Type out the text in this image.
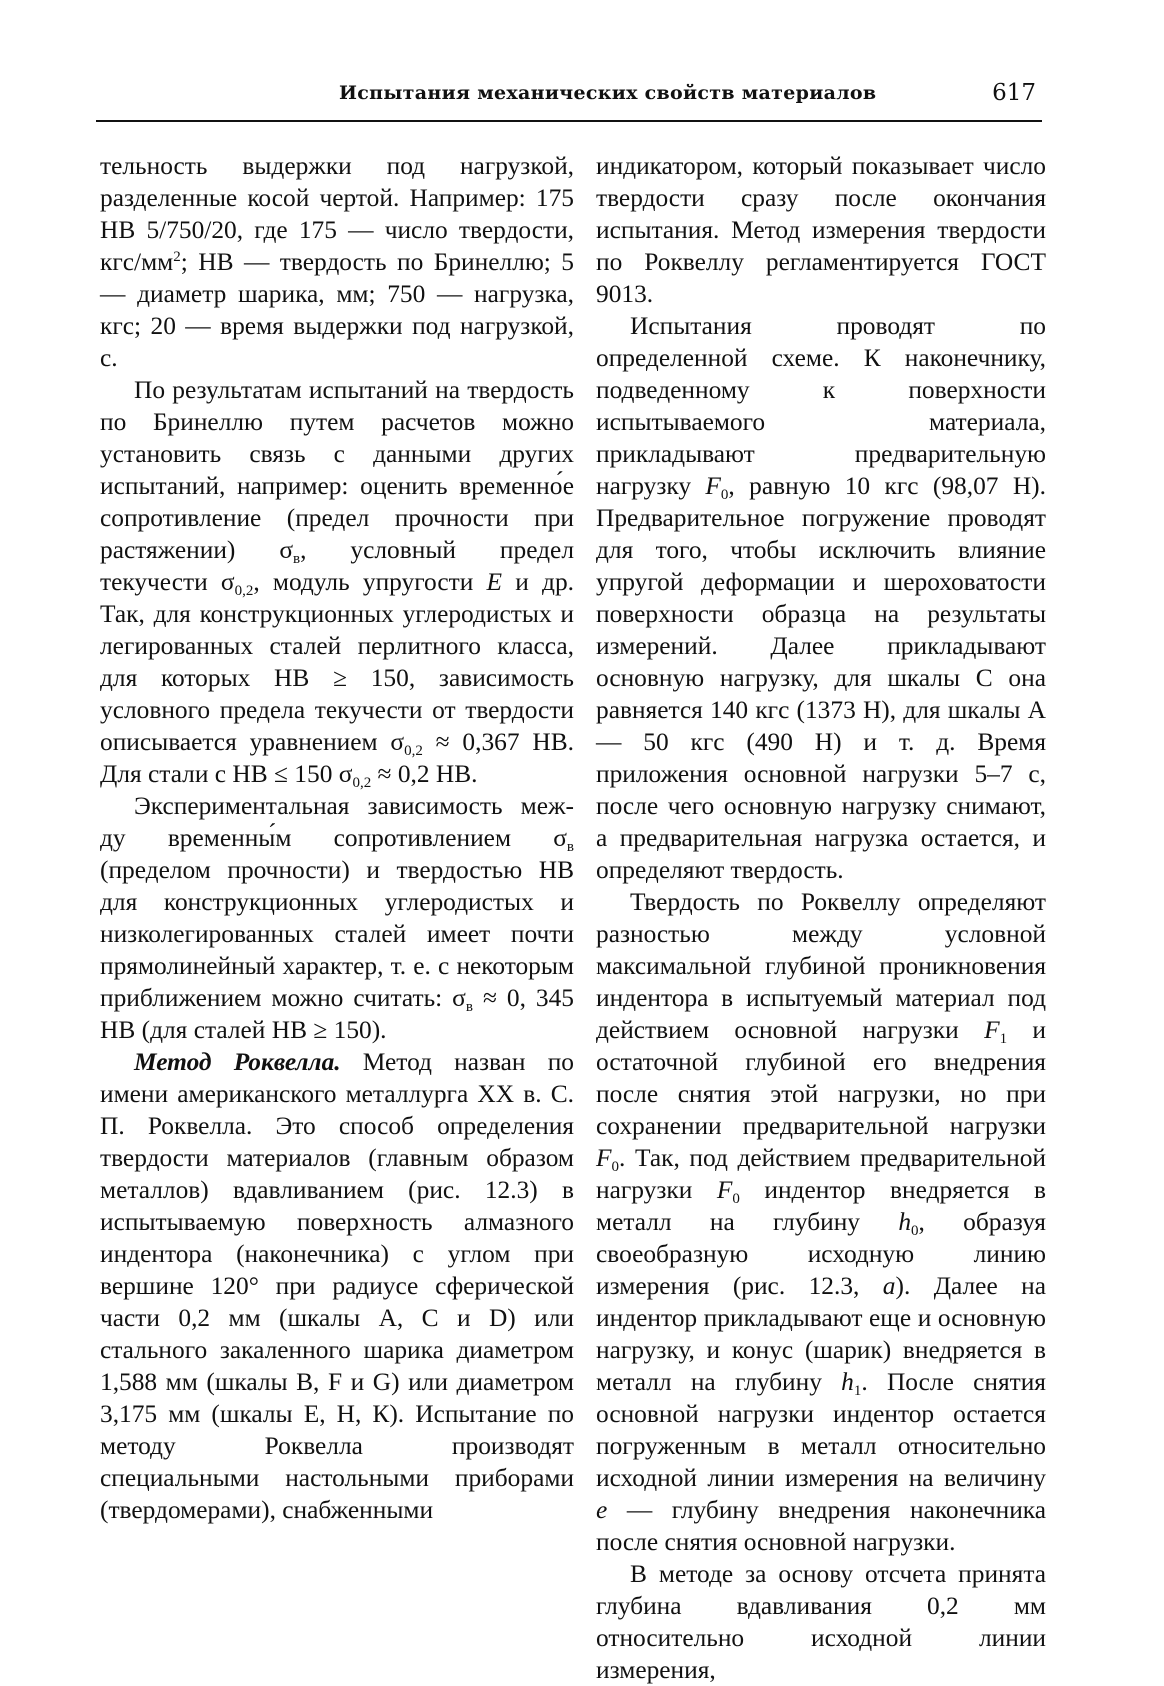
Испытания механических свойств материалов	617

тельность выдержки под нагрузкой, разделенные косой чертой. Например: 175 НВ 5/750/20, где 175 — число твердости, кгс/$мм^2$; НВ — твердость по Бринеллю; 5 — диаметр шарика, мм; 750 — нагрузка, кгс; 20 — время выдержки под нагрузкой, с.

По результатам испытаний на твердость по Бринеллю путем расчетов можно установить связь с данными других испытаний, например: оценить временно́е сопротивление (предел прочности при растяжении) $\sigma_в$, условный предел текучести $\sigma_{0,2}$, модуль упругости E и др. Так, для конструкционных углеродистых и легированных сталей перлитного класса, для которых НВ ≥ 150, зависимость условного предела текучести от твердости описывается уравнением $\sigma_{0,2} \approx 0,367$ НВ. Для стали с НВ ≤ 150 $\sigma_{0,2} \approx 0,2$ НВ.

Экспериментальная зависимость меж-ду временны́м сопротивлением $\sigma_в$ (пределом прочности) и твердостью НВ для конструкционных углеродистых и низколегированных сталей имеет почти прямолинейный характер, т. е. с некоторым приближением можно считать: $\sigma_в \approx 0$, 345 НВ (для сталей НВ ≥ 150).

Метод Роквелла. Метод назван по имени американского металлурга XX в. С. П. Роквелла. Это способ определения твердости материалов (главным образом металлов) вдавливанием (рис. 12.3) в испытываемую поверхность алмазного индентора (наконечника) с углом при вершине 120° при радиусе сферической части 0,2 мм (шкалы А, С и D) или стального закаленного шарика диаметром 1,588 мм (шкалы В, F и G) или диаметром 3,175 мм (шкалы Е, Н, К). Испытание по методу Роквелла производят специальными настольными приборами (твердомерами), снабженными

индикатором, который показывает число твердости сразу после окончания испытания. Метод измерения твердости по Роквеллу регламентируется ГОСТ 9013.

Испытания проводят по определенной схеме. К наконечнику, подведенному к поверхности испытываемого материала, прикладывают предварительную нагрузку $F_0$, равную 10 кгс (98,07 Н). Предварительное погружение проводят для того, чтобы исключить влияние упругой деформации и шероховатости поверхности образца на результаты измерений. Далее прикладывают основную нагрузку, для шкалы С она равняется 140 кгс (1373 Н), для шкалы А — 50 кгс (490 Н) и т. д. Время приложения основной нагрузки 5–7 с, после чего основную нагрузку снимают, а предварительная нагрузка остается, и определяют твердость.

Твердость по Роквеллу определяют разностью между условной максимальной глубиной проникновения индентора в испытуемый материал под действием основной нагрузки $F_1$ и остаточной глубиной его внедрения после снятия этой нагрузки, но при сохранении предварительной нагрузки $F_0$. Так, под действием предварительной нагрузки $F_0$ индентор внедряется в металл на глубину $h_0$, образуя своеобразную исходную линию измерения (рис. 12.3, а). Далее на индентор прикладывают еще и основную нагрузку, и конус (шарик) внедряется в металл на глубину $h_1$. После снятия основной нагрузки индентор остается погруженным в металл относительно исходной линии измерения на величину е — глубину внедрения наконечника после снятия основной нагрузки.

В методе за основу отсчета принята глубина вдавливания 0,2 мм относительно исходной линии измерения,
